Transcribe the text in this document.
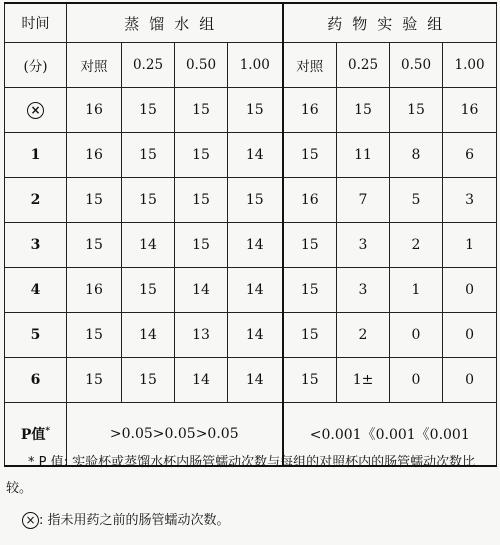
时间	蒸馏水组				药物实验组			
(分)	对照	0.25	0.50	1.00	对照	0.25	0.50	1.00
×	16	15	15	15	16	15	15	16
1	16	15	15	14	15	11	8	6
2	15	15	15	15	16	7	5	3
3	15	14	15	14	15	3	2	1
4	16	15	14	14	15	3	1	0
5	15	14	13	14	15	2	0	0
6	15	15	14	14	15	1±	0	0
P值*	>0.05>0.05>0.05				<0.001《0.001《0.001			
* P 值: 实验杯或蒸馏水杯内肠管蠕动次数与每组的对照杯内的肠管蠕动次数比较。
× : 指未用药之前的肠管蠕动次数。
